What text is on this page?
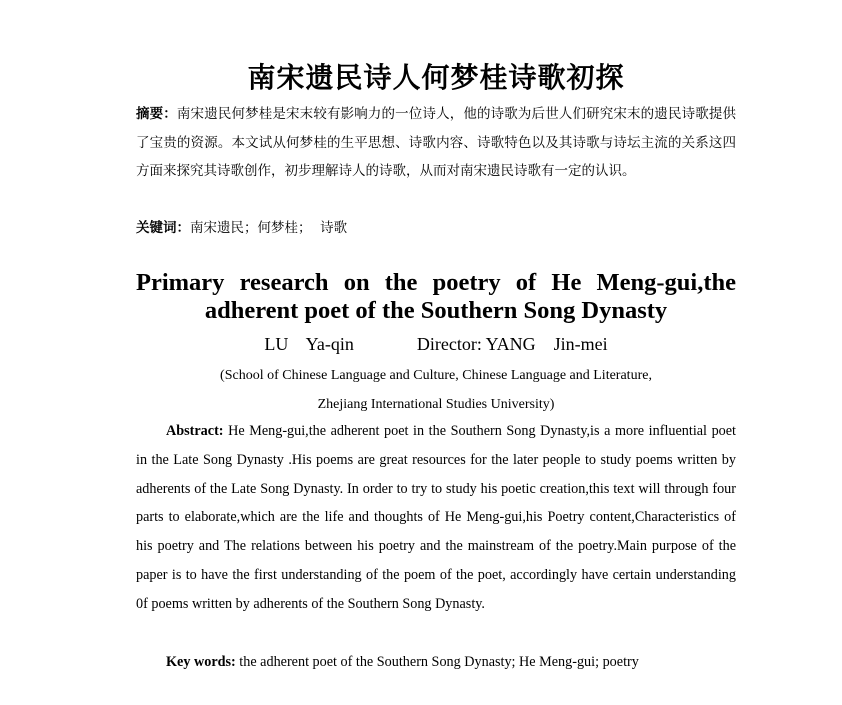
南宋遗民诗人何梦桂诗歌初探

摘要：南宋遗民何梦桂是宋末较有影响力的一位诗人，他的诗歌为后世人们研究宋末的遗民诗歌提供了宝贵的资源。本文试从何梦桂的生平思想、诗歌内容、诗歌特色以及其诗歌与诗坛主流的关系这四方面来探究其诗歌创作，初步理解诗人的诗歌，从而对南宋遗民诗歌有一定的认识。

关键词：南宋遗民；何梦桂；  诗歌

Primary research on the poetry of He Meng-gui,the
adherent poet of the Southern Song Dynasty

LU    Ya-qin              Director: YANG    Jin-mei

(School of Chinese Language and Culture, Chinese Language and Literature,
Zhejiang International Studies University)

Abstract: He Meng-gui,the adherent poet in the Southern Song Dynasty,is a more influential poet in the Late Song Dynasty .His poems are great resources for the later people to study poems written by adherents of the Late Song Dynasty. In order to try to study his poetic creation,this text will through four parts to elaborate,which are the life and thoughts of He Meng-gui,his Poetry content,Characteristics of his poetry and The relations between his poetry and the mainstream of the poetry.Main purpose of the paper is to have the first understanding of the poem of the poet, accordingly have certain understanding 0f poems written by adherents of the Southern Song Dynasty.

Key words: the adherent poet of the Southern Song Dynasty; He Meng-gui; poetry
